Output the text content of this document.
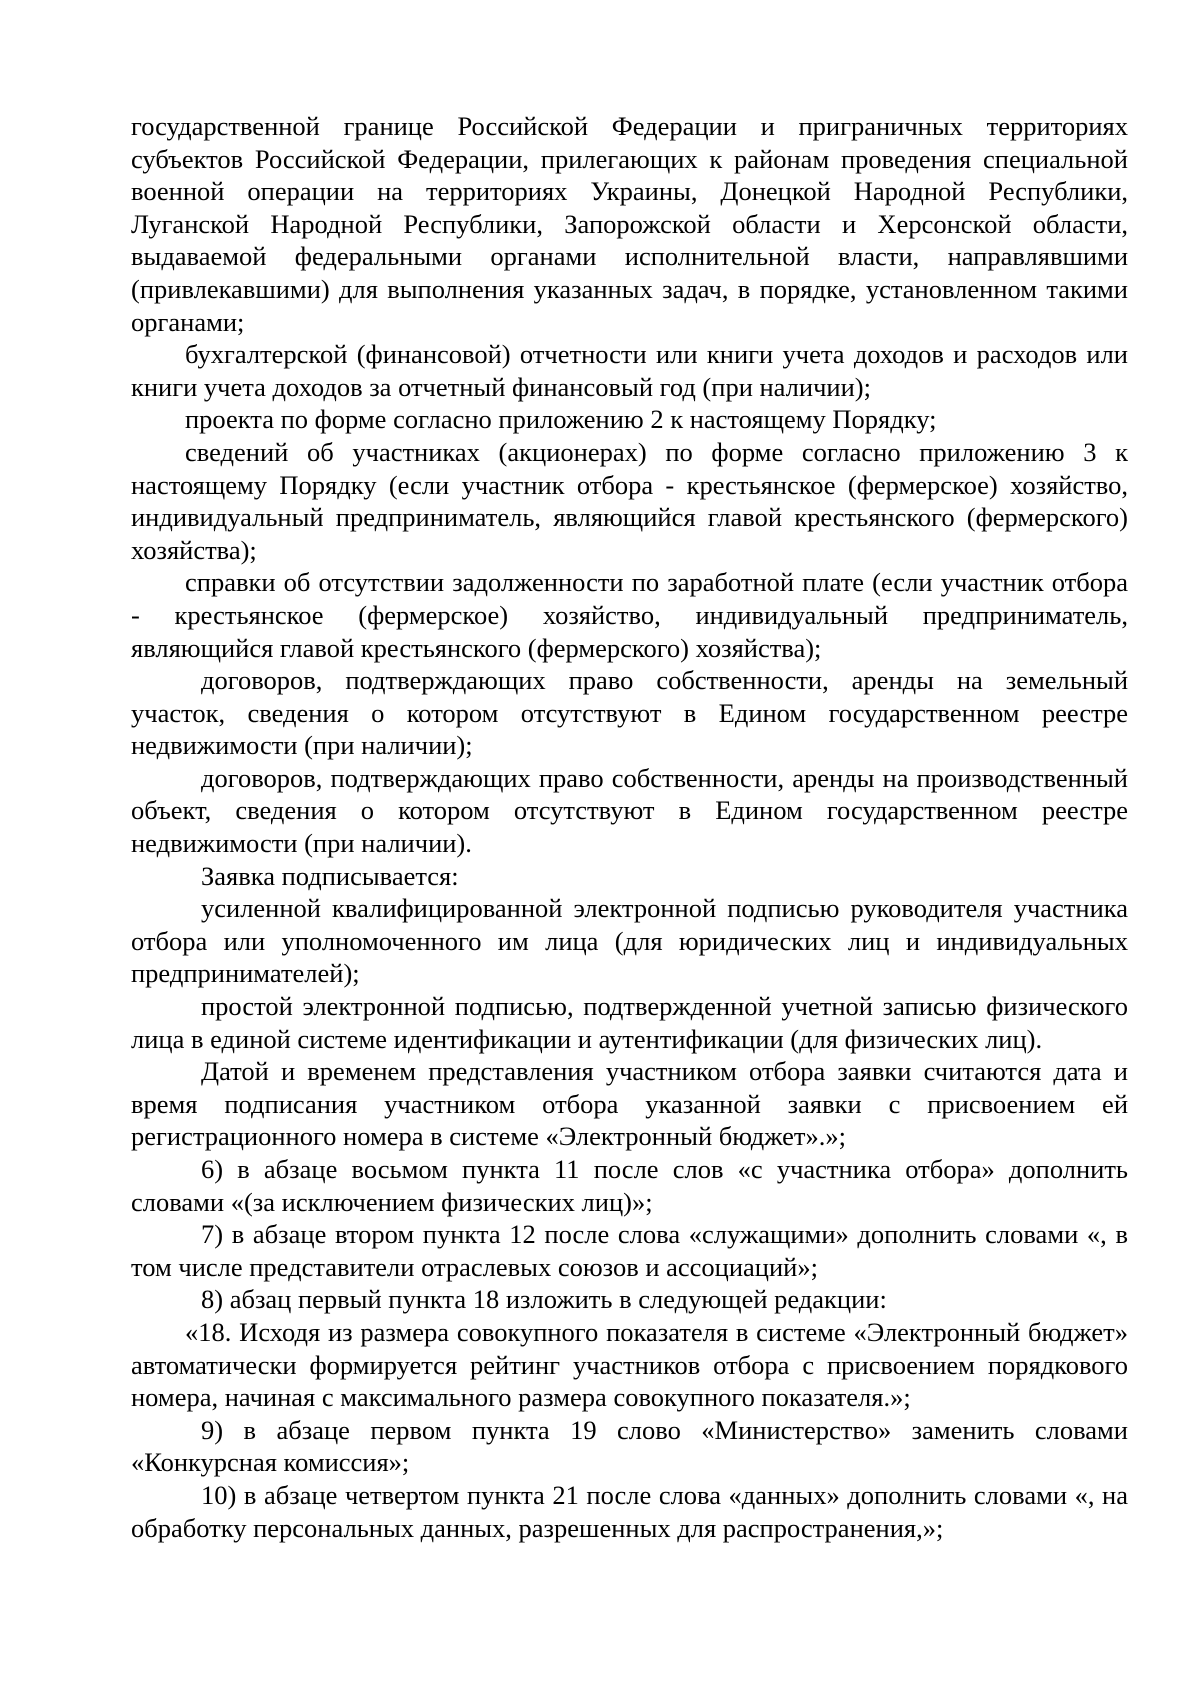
государственной границе Российской Федерации и приграничных территориях субъектов Российской Федерации, прилегающих к районам проведения специальной военной операции на территориях Украины, Донецкой Народной Республики, Луганской Народной Республики, Запорожской области и Херсонской области, выдаваемой федеральными органами исполнительной власти, направлявшими (привлекавшими) для выполнения указанных задач, в порядке, установленном такими органами;

бухгалтерской (финансовой) отчетности или книги учета доходов и расходов или книги учета доходов за отчетный финансовый год (при наличии);

проекта по форме согласно приложению 2 к настоящему Порядку;

сведений об участниках (акционерах) по форме согласно приложению 3 к настоящему Порядку (если участник отбора - крестьянское (фермерское) хозяйство, индивидуальный предприниматель, являющийся главой крестьянского (фермерского) хозяйства);

справки об отсутствии задолженности по заработной плате (если участник отбора - крестьянское (фермерское) хозяйство, индивидуальный предприниматель, являющийся главой крестьянского (фермерского) хозяйства);

договоров, подтверждающих право собственности, аренды на земельный участок, сведения о котором отсутствуют в Едином государственном реестре недвижимости (при наличии);

договоров, подтверждающих право собственности, аренды на производственный объект, сведения о котором отсутствуют в Едином государственном реестре недвижимости (при наличии).

Заявка подписывается:

усиленной квалифицированной электронной подписью руководителя участника отбора или уполномоченного им лица (для юридических лиц и индивидуальных предпринимателей);

простой электронной подписью, подтвержденной учетной записью физического лица в единой системе идентификации и аутентификации (для физических лиц).

Датой и временем представления участником отбора заявки считаются дата и время подписания участником отбора указанной заявки с присвоением ей регистрационного номера в системе «Электронный бюджет».»;

6) в абзаце восьмом пункта 11 после слов «с участника отбора» дополнить словами «(за исключением физических лиц)»;

7) в абзаце втором пункта 12 после слова «служащими» дополнить словами «, в том числе представители отраслевых союзов и ассоциаций»;

8) абзац первый пункта 18 изложить в следующей редакции:

«18. Исходя из размера совокупного показателя в системе «Электронный бюджет» автоматически формируется рейтинг участников отбора с присвоением порядкового номера, начиная с максимального размера совокупного показателя.»;

9) в абзаце первом пункта 19 слово «Министерство» заменить словами «Конкурсная комиссия»;

10) в абзаце четвертом пункта 21 после слова «данных» дополнить словами «, на обработку персональных данных, разрешенных для распространения,»;
